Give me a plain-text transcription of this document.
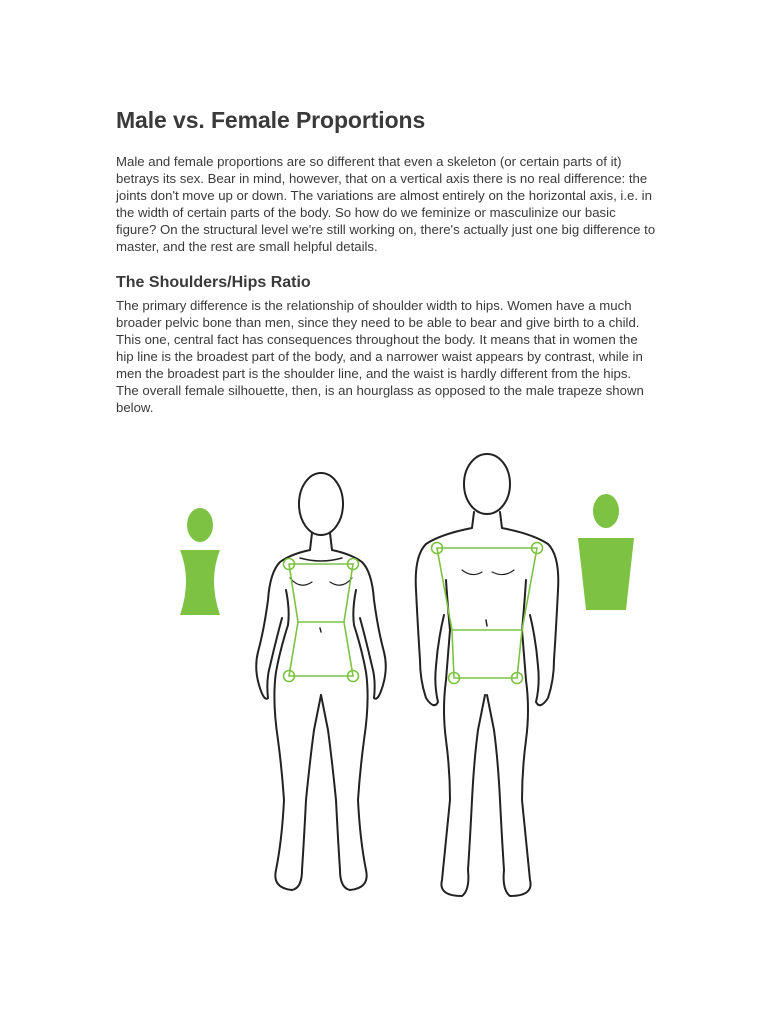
Male vs. Female Proportions

Male and female proportions are so different that even a skeleton (or certain parts of it) betrays its sex. Bear in mind, however, that on a vertical axis there is no real difference: the joints don't move up or down. The variations are almost entirely on the horizontal axis, i.e. in the width of certain parts of the body. So how do we feminize or masculinize our basic figure? On the structural level we're still working on, there's actually just one big difference to master, and the rest are small helpful details.

The Shoulders/Hips Ratio

The primary difference is the relationship of shoulder width to hips. Women have a much broader pelvic bone than men, since they need to be able to bear and give birth to a child. This one, central fact has consequences throughout the body. It means that in women the hip line is the broadest part of the body, and a narrower waist appears by contrast, while in men the broadest part is the shoulder line, and the waist is hardly different from the hips. The overall female silhouette, then, is an hourglass as opposed to the male trapeze shown below.
